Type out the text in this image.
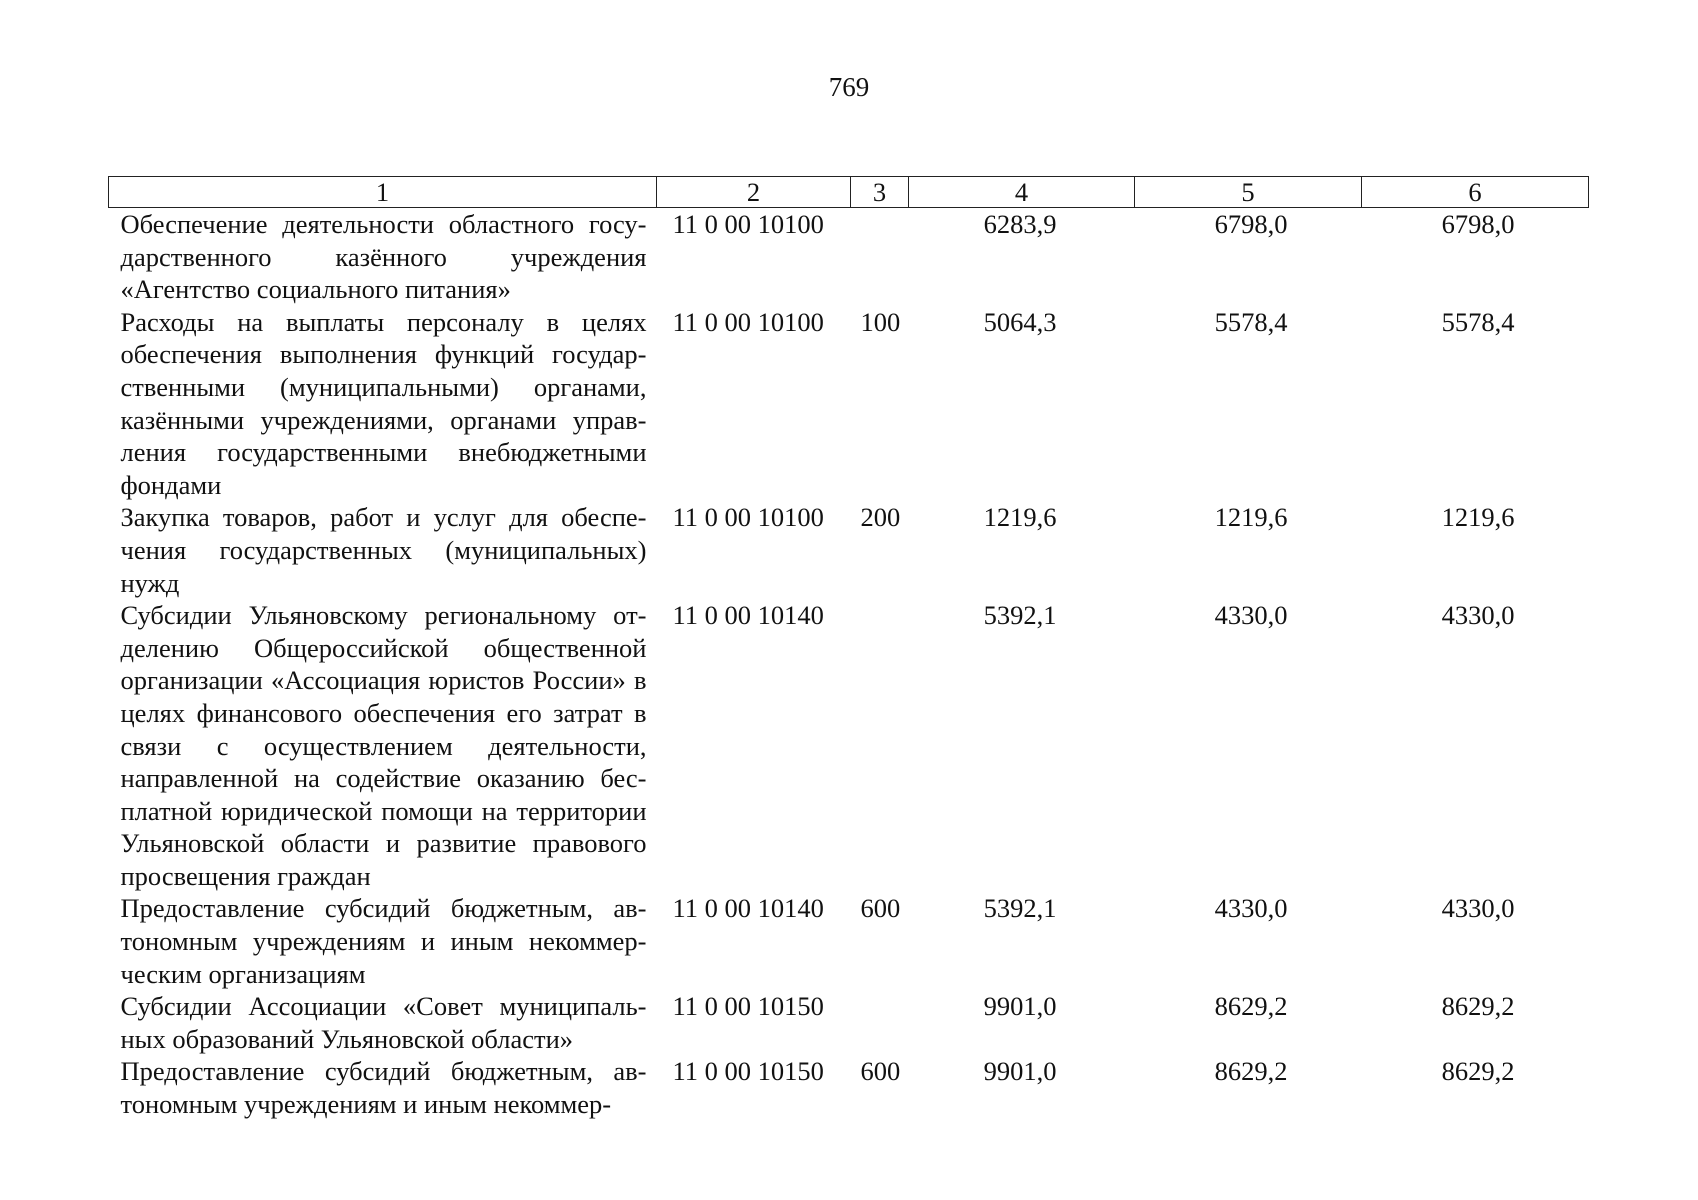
769
1	2	3	4	5	6
Обеспечение деятельности областного государственного казённого учреждения «Агентство социального питания»	11 0 00 10100		6283,9	6798,0	6798,0
Расходы на выплаты персоналу в целях обеспечения выполнения функций государственными (муниципальными) органами, казёнными учреждениями, органами управления государственными внебюджетными фондами	11 0 00 10100	100	5064,3	5578,4	5578,4
Закупка товаров, работ и услуг для обеспечения государственных (муниципальных) нужд	11 0 00 10100	200	1219,6	1219,6	1219,6
Субсидии Ульяновскому региональному отделению Общероссийской общественной организации «Ассоциация юристов России» в целях финансового обеспечения его затрат в связи с осуществлением деятельности, направленной на содействие оказанию бесплатной юридической помощи на территории Ульяновской области и развитие правового просвещения граждан	11 0 00 10140		5392,1	4330,0	4330,0
Предоставление субсидий бюджетным, автономным учреждениям и иным некоммерческим организациям	11 0 00 10140	600	5392,1	4330,0	4330,0
Субсидии Ассоциации «Совет муниципальных образований Ульяновской области»	11 0 00 10150		9901,0	8629,2	8629,2
Предоставление субсидий бюджетным, автономным учреждениям и иным некоммер-	11 0 00 10150	600	9901,0	8629,2	8629,2
